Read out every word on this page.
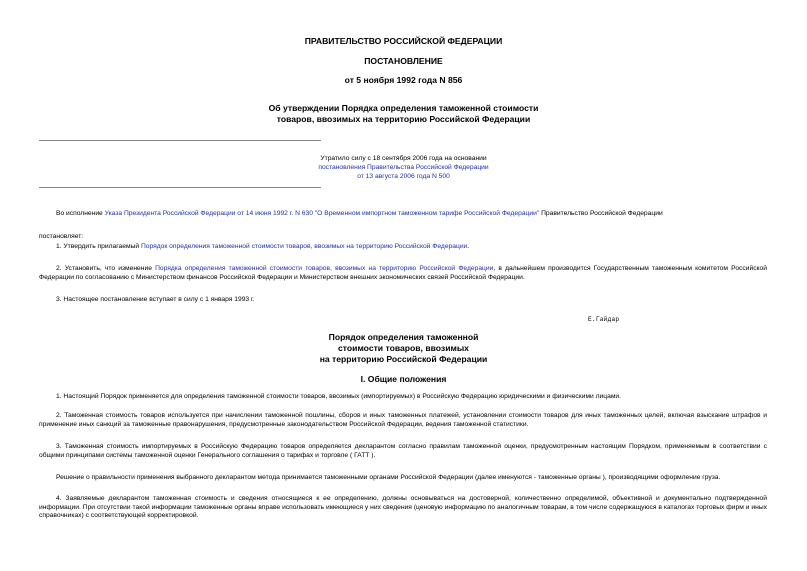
ПРАВИТЕЛЬСТВО РОССИЙСКОЙ ФЕДЕРАЦИИ
ПОСТАНОВЛЕНИЕ
от 5 ноября 1992 года N 856
Об утверждении Порядка определения таможенной стоимости
товаров, ввозимых на территорию Российской Федерации
Утратило силу с 18 сентября 2006 года на основании
постановления Правительства Российской Федерации
от 13 августа 2006 года N 500
Во исполнение Указа Президента Российской Федерации от 14 июня 1992 г. N 630 "О Временном импортном таможенном тарифе Российской Федерации" Правительство Российской Федерации
постановляет:
1. Утвердить прилагаемый Порядок определения таможенной стоимости товаров, ввозимых на территорию Российской Федерации.
2. Установить, что изменение Порядка определения таможенной стоимости товаров, ввозимых на территорию Российской Федерации, в дальнейшем производится Государственным таможенным комитетом Российской Федерации по согласованию с Министерством финансов Российской Федерации и Министерством внешних экономических связей Российской Федерации.
3. Настоящее постановление вступает в силу с 1 января 1993 г.
Е.Гайдар
Порядок определения таможенной
стоимости товаров, ввозимых
на территорию Российской Федерации
I. Общие положения
1. Настоящий Порядок применяется для определения таможенной стоимости товаров, ввозимых (импортируемых) в Российскую Федерацию юридическими и физическими лицами.
2. Таможенная стоимость товаров используется при начислении таможенной пошлины, сборов и иных таможенных платежей, установлении стоимости товаров для иных таможенных целей, включая взыскание штрафов и применение иных санкций за таможенные правонарушения, предусмотренные законодательством Российской Федерации, ведения таможенной статистики.
3. Таможенная стоимость импортируемых в Российскую Федерацию товаров определяется декларантом согласно правилам таможенной оценки, предусмотренным настоящим Порядком, применяемым в соответствии с общими принципами системы таможенной оценки Генерального соглашения о тарифах и торговле ( ГАТТ ).
Решение о правильности применения выбранного декларантом метода принимается таможенными органами Российской Федерации (далее именуются - таможенные органы ), производящими оформление груза.
4. Заявляемые декларантом таможенная стоимость и сведения относящиеся к ее определению, должны основываться на достоверной, количественно определимой, объективной и документально подтвержденной информации. При отсутствии такой информации таможенные органы вправе использовать имеющиеся у них сведения (ценовую информацию по аналогичным товарам, в том числе содержащуюся в каталогах торговых фирм и иных справочниках) с соответствующей корректировкой.
